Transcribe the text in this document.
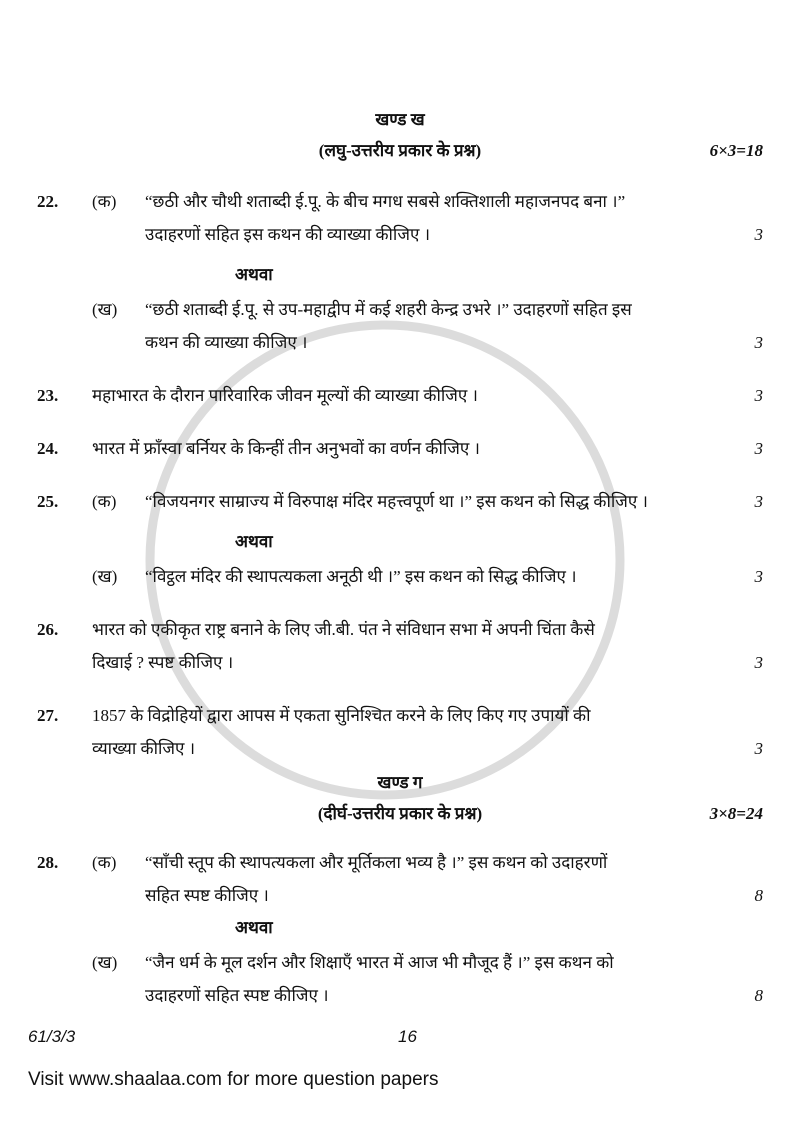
खण्ड ख
(लघु-उत्तरीय प्रकार के प्रश्न)	6×3=18
22.	(क)	“छठी और चौथी शताब्दी ई.पू. के बीच मगध सबसे शक्तिशाली महाजनपद बना ।”
उदाहरणों सहित इस कथन की व्याख्या कीजिए ।	3
अथवा
(ख)	“छठी शताब्दी ई.पू. से उप-महाद्वीप में कई शहरी केन्द्र उभरे ।” उदाहरणों सहित इस
कथन की व्याख्या कीजिए ।	3
23.	महाभारत के दौरान पारिवारिक जीवन मूल्यों की व्याख्या कीजिए ।	3
24.	भारत में फ्राँस्वा बर्नियर के किन्हीं तीन अनुभवों का वर्णन कीजिए ।	3
25.	(क)	“विजयनगर साम्राज्य में विरुपाक्ष मंदिर महत्त्वपूर्ण था ।” इस कथन को सिद्ध कीजिए ।	3
अथवा
(ख)	“विट्ठल मंदिर की स्थापत्यकला अनूठी थी ।” इस कथन को सिद्ध कीजिए ।	3
26.	भारत को एकीकृत राष्ट्र बनाने के लिए जी.बी. पंत ने संविधान सभा में अपनी चिंता कैसे
दिखाई ? स्पष्ट कीजिए ।	3
27.	1857 के विद्रोहियों द्वारा आपस में एकता सुनिश्चित करने के लिए किए गए उपायों की
व्याख्या कीजिए ।	3
खण्ड ग
(दीर्घ-उत्तरीय प्रकार के प्रश्न)	3×8=24
28.	(क)	“साँची स्तूप की स्थापत्यकला और मूर्तिकला भव्य है ।” इस कथन को उदाहरणों
सहित स्पष्ट कीजिए ।	8
अथवा
(ख)	“जैन धर्म के मूल दर्शन और शिक्षाएँ भारत में आज भी मौजूद हैं ।” इस कथन को
उदाहरणों सहित स्पष्ट कीजिए ।	8
61/3/3	16
Visit www.shaalaa.com for more question papers
